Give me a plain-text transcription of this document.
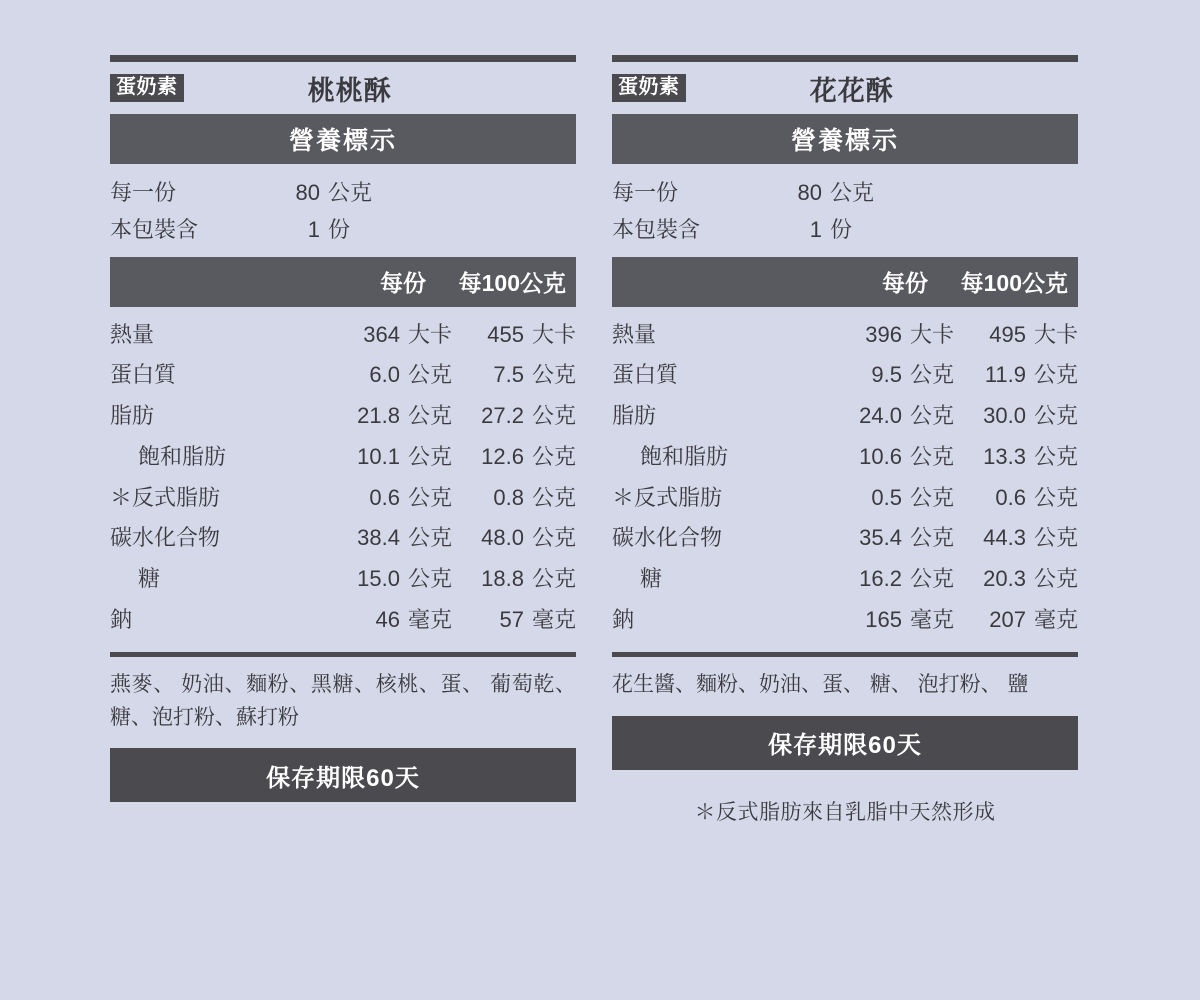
蛋奶素	桃桃酥
營養標示
每一份	80 公克
本包裝含	1 份
每份	每100公克
熱量	364 大卡	455 大卡
蛋白質	6.0 公克	7.5 公克
脂肪	21.8 公克	27.2 公克
飽和脂肪	10.1 公克	12.6 公克
＊反式脂肪	0.6 公克	0.8 公克
碳水化合物	38.4 公克	48.0 公克
糖	15.0 公克	18.8 公克
鈉	46 毫克	57 毫克
燕麥、 奶油、麵粉、黑糖、核桃、蛋、 葡萄乾、糖、泡打粉、蘇打粉
保存期限60天
蛋奶素	花花酥
營養標示
每一份	80 公克
本包裝含	1 份
每份	每100公克
熱量	396 大卡	495 大卡
蛋白質	9.5 公克	11.9 公克
脂肪	24.0 公克	30.0 公克
飽和脂肪	10.6 公克	13.3 公克
＊反式脂肪	0.5 公克	0.6 公克
碳水化合物	35.4 公克	44.3 公克
糖	16.2 公克	20.3 公克
鈉	165 毫克	207 毫克
花生醬、麵粉、奶油、蛋、 糖、 泡打粉、 鹽
保存期限60天
＊反式脂肪來自乳脂中天然形成
